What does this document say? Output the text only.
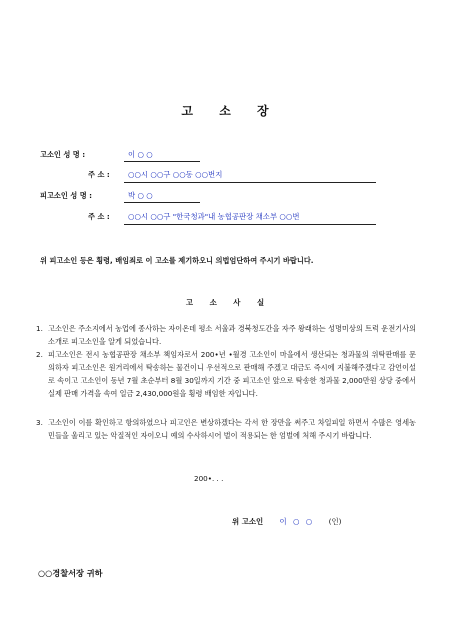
고 소 장
고소인 성 명 :	이 ○ ○
주 소 : ○○시 ○○구 ○○동 ○○번지
피고소인 성 명 :	박 ○ ○
주 소 : ○○시 ○○구 "한국청과"내 농협공판장 채소부 ○○번
위 피고소인 등은 횡령, 배임죄로 이 고소를 제기하오니 의법엄단하여 주시기 바랍니다.
고 소 사 실
1. 고소인은 주소지에서 농업에 종사하는 자이온데 평소 서울과 경북청도간을 자주 왕래하는 성명미상의 트럭 운전기사의 소개로 피고소인을 알게 되었습니다.
2. 피고소인은 전시 농협공판장 채소부 책임자로서 200•년 •월경 고소인이 마을에서 생산되는 청과물의 위탁판매를 문의하자 피고소인은 원거리에서 탁송하는 물건이니 우선적으로 판매해 주겠고 대금도 즉시에 지불해주겠다고 감언이설로 속이고 고소인이 동년 7월 초순부터 8월 30일까지 기간 중 피고소인 앞으로 탁송한 청과물 2,000만원 상당 중에서 실제 판매 가격을 속여 일금 2,430,000원을 횡령 배임한 자입니다.
3. 고소인이 이를 확인하고 항의하였으나 피고인은 변상하겠다는 각서 한 장만을 써주고 차일피일 하면서 수많은 영세농민들을 울리고 있는 악질적인 자이오니 예의 수사하시어 벌이 적용되는 한 엄벌에 처해 주시기 바랍니다.
200•. . .
위 고소인 이 ○ ○ (인)
○○경찰서장 귀하
